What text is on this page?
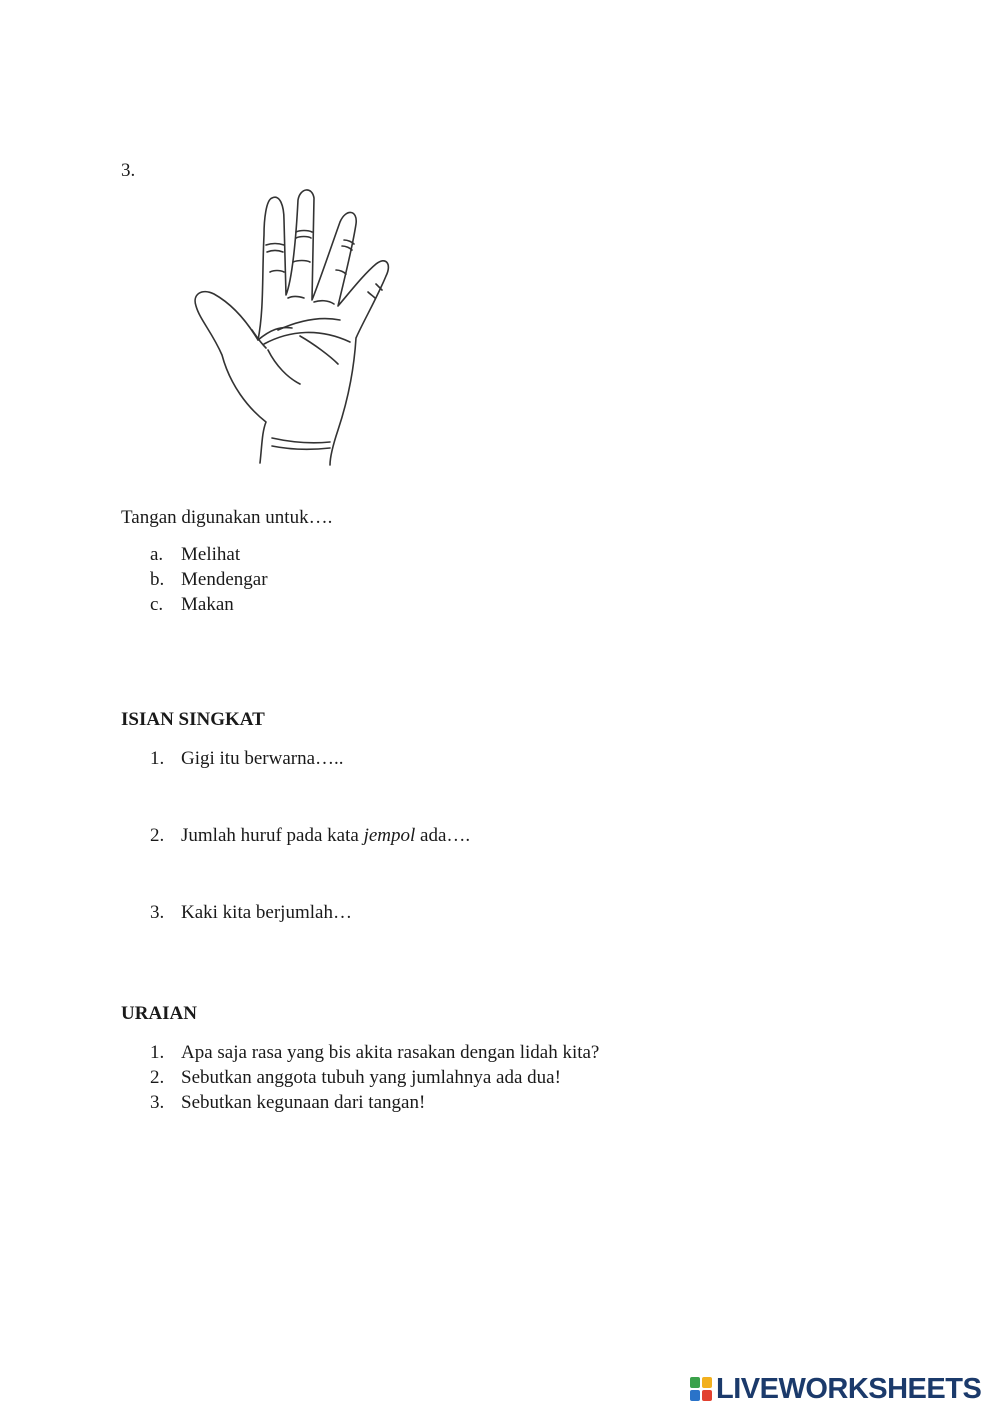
3.
Tangan digunakan untuk….
a. Melihat
b. Mendengar
c. Makan
ISIAN SINGKAT
1. Gigi itu berwarna…..
2. Jumlah huruf pada kata jempol ada….
3. Kaki kita berjumlah…
URAIAN
1. Apa saja rasa yang bis akita rasakan dengan lidah kita?
2. Sebutkan anggota tubuh yang jumlahnya ada dua!
3. Sebutkan kegunaan dari tangan!
LIVEWORKSHEETS
